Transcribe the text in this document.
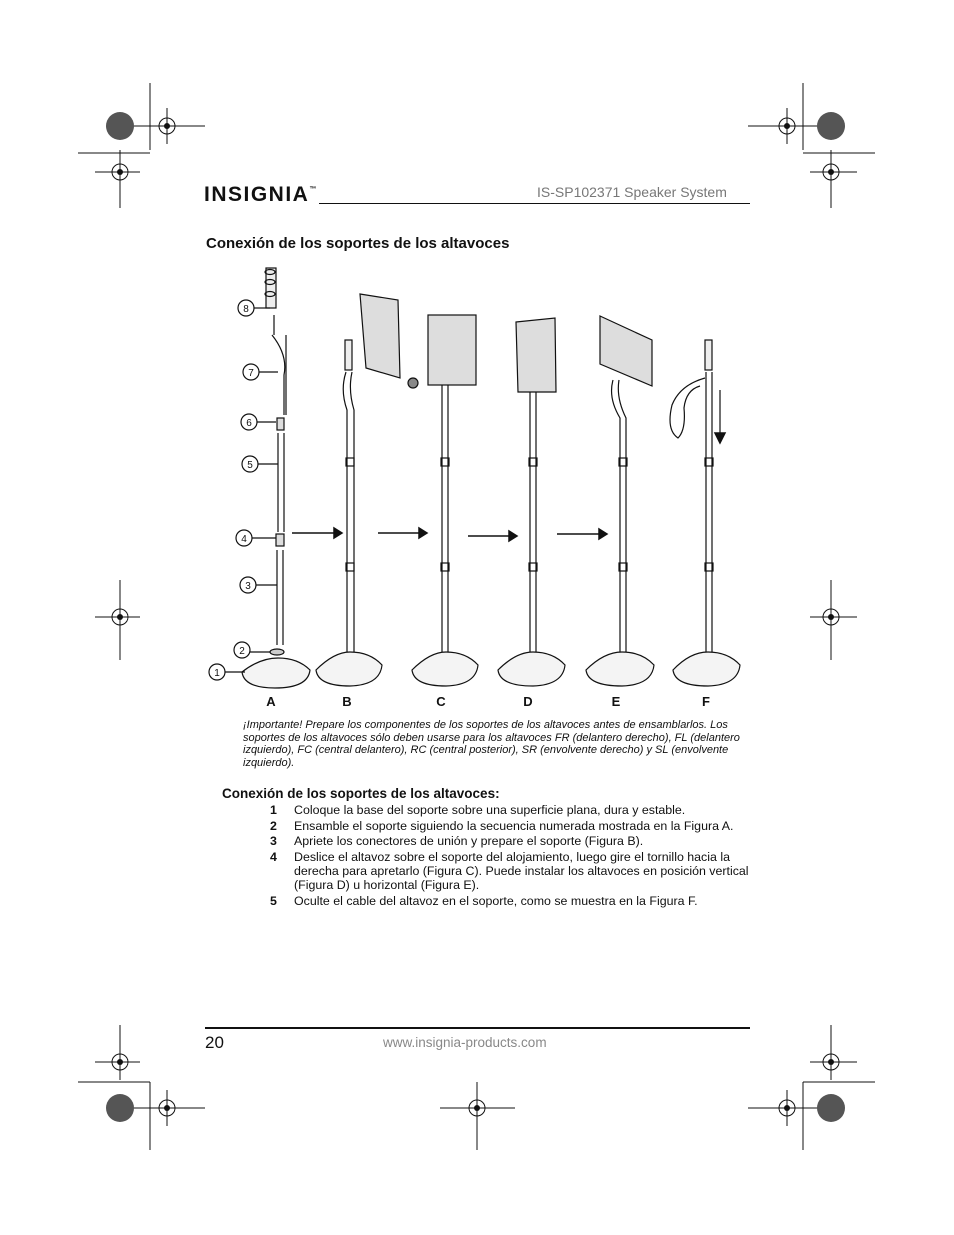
INSIGNIA™	IS-SP102371 Speaker System
Conexión de los soportes de los altavoces
1
2
3
4
5
6
7
8
A	B	C	D	E	F
¡Importante! Prepare los componentes de los soportes de los altavoces antes de ensamblarlos. Los soportes de los altavoces sólo deben usarse para los altavoces FR (delantero derecho), FL (delantero izquierdo), FC (central delantero), RC (central posterior), SR (envolvente derecho) y SL (envolvente izquierdo).
Conexión de los soportes de los altavoces:
1	Coloque la base del soporte sobre una superficie plana, dura y estable.
2	Ensamble el soporte siguiendo la secuencia numerada mostrada en la Figura A.
3	Apriete los conectores de unión y prepare el soporte (Figura B).
4	Deslice el altavoz sobre el soporte del alojamiento, luego gire el tornillo hacia la derecha para apretarlo (Figura C). Puede instalar los altavoces en posición vertical (Figura D) u horizontal (Figura E).
5	Oculte el cable del altavoz en el soporte, como se muestra en la Figura F.
20	www.insignia-products.com
